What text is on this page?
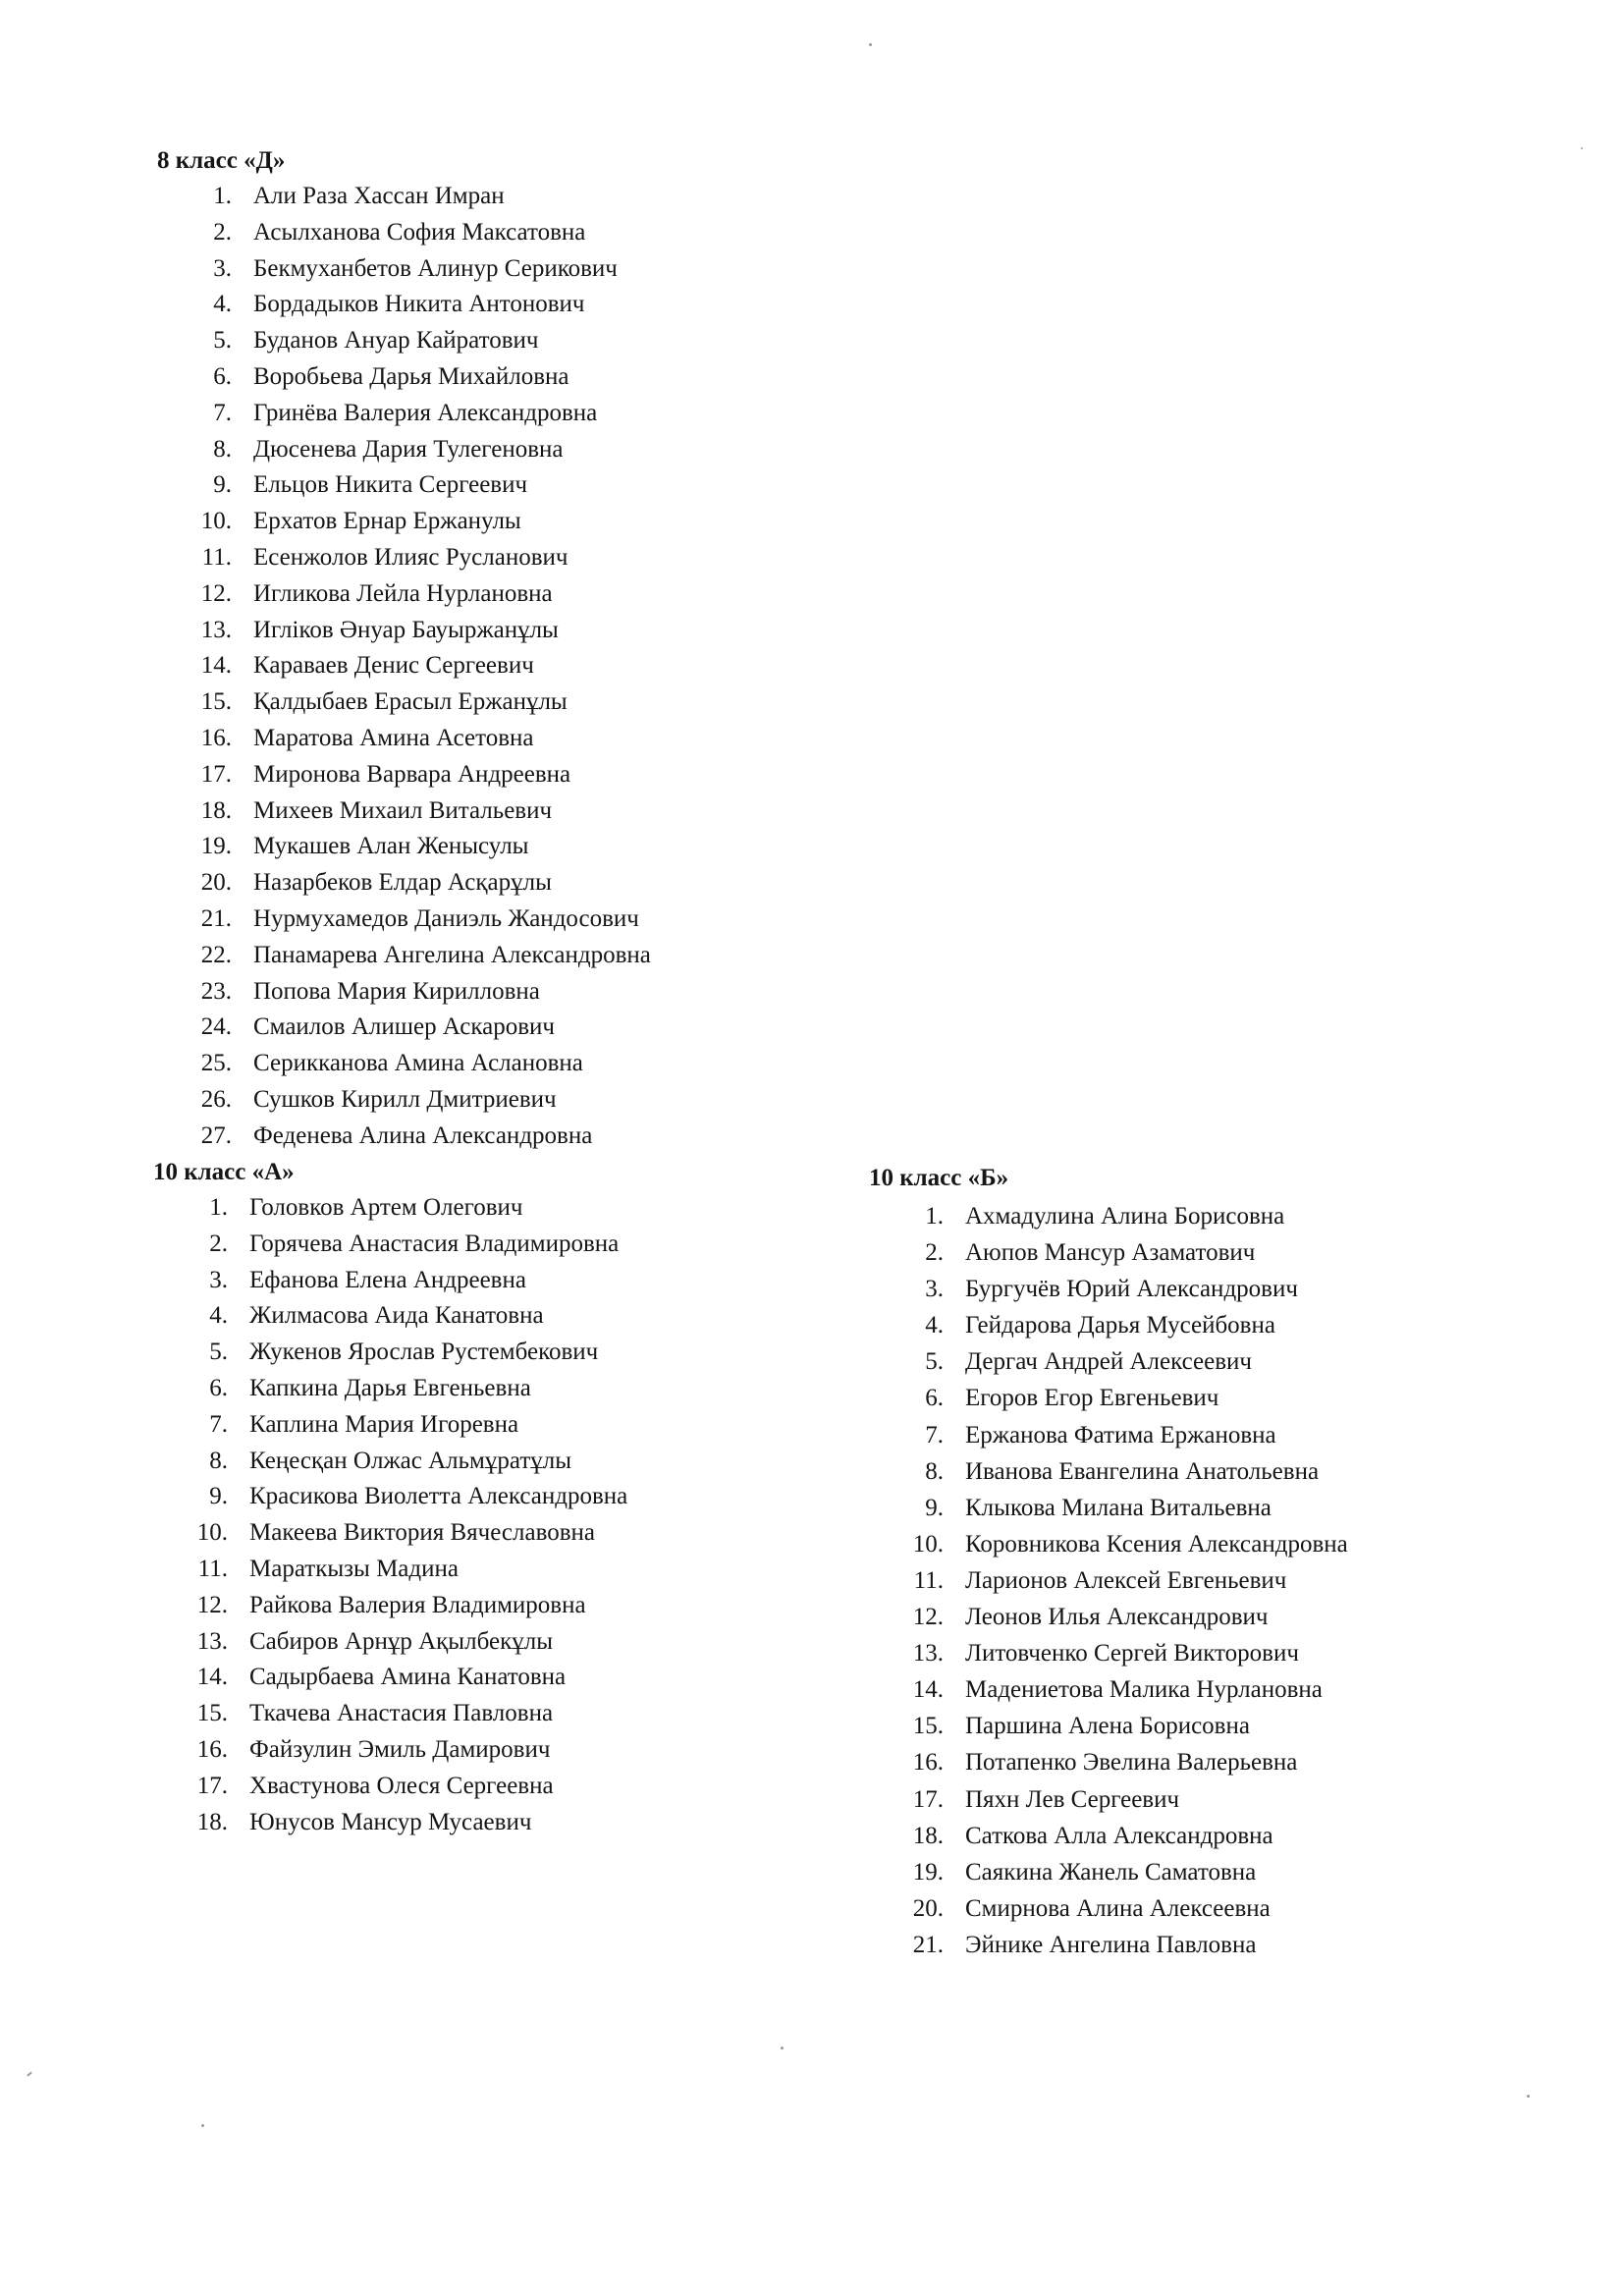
8 класс «Д»
1. Али Раза Хассан Имран
2. Асылханова София Максатовна
3. Бекмуханбетов Алинур Серикович
4. Бордадыков Никита Антонович
5. Буданов Ануар Кайратович
6. Воробьева Дарья Михайловна
7. Гринёва Валерия Александровна
8. Дюсенева Дария Тулегеновна
9. Ельцов Никита Сергеевич
10. Ерхатов Ернар Ержанулы
11. Есенжолов Илияс Русланович
12. Игликова Лейла Нурлановна
13. Игліков Әнуар Бауыржанұлы
14. Караваев Денис Сергеевич
15. Қалдыбаев Ерасыл Ержанұлы
16. Маратова Амина Асетовна
17. Миронова Варвара Андреевна
18. Михеев Михаил Витальевич
19. Мукашев Алан Женысулы
20. Назарбеков Елдар Асқарұлы
21. Нурмухамедов Даниэль Жандосович
22. Панамарева Ангелина Александровна
23. Попова Мария Кирилловна
24. Смаилов Алишер Аскарович
25. Серикканова Амина Аслановна
26. Сушков Кирилл Дмитриевич
27. Феденева Алина Александровна
10 класс «А»
1. Головков Артем Олегович
2. Горячева Анастасия Владимировна
3. Ефанова Елена Андреевна
4. Жилмасова Аида Канатовна
5. Жукенов Ярослав Рустембекович
6. Капкина Дарья Евгеньевна
7. Каплина Мария Игоревна
8. Кеңесқан Олжас Альмұратұлы
9. Красикова Виолетта Александровна
10. Макеева Виктория Вячеславовна
11. Мараткызы Мадина
12. Райкова Валерия Владимировна
13. Сабиров Арнұр Ақылбекұлы
14. Садырбаева Амина Канатовна
15. Ткачева Анастасия Павловна
16. Файзулин Эмиль Дамирович
17. Хвастунова Олеся Сергеевна
18. Юнусов Мансур Мусаевич
10 класс «Б»
1. Ахмадулина Алина Борисовна
2. Аюпов Мансур Азаматович
3. Бургучёв Юрий Александрович
4. Гейдарова Дарья Мусейбовна
5. Дергач Андрей Алексеевич
6. Егоров Егор Евгеньевич
7. Ержанова Фатима Ержановна
8. Иванова Евангелина Анатольевна
9. Клыкова Милана Витальевна
10. Коровникова Ксения Александровна
11. Ларионов Алексей Евгеньевич
12. Леонов Илья Александрович
13. Литовченко Сергей Викторович
14. Мадениетова Малика Нурлановна
15. Паршина Алена Борисовна
16. Потапенко Эвелина Валерьевна
17. Пяхн Лев Сергеевич
18. Саткова Алла Александровна
19. Саякина Жанель Саматовна
20. Смирнова Алина Алексеевна
21. Эйнике Ангелина Павловна
